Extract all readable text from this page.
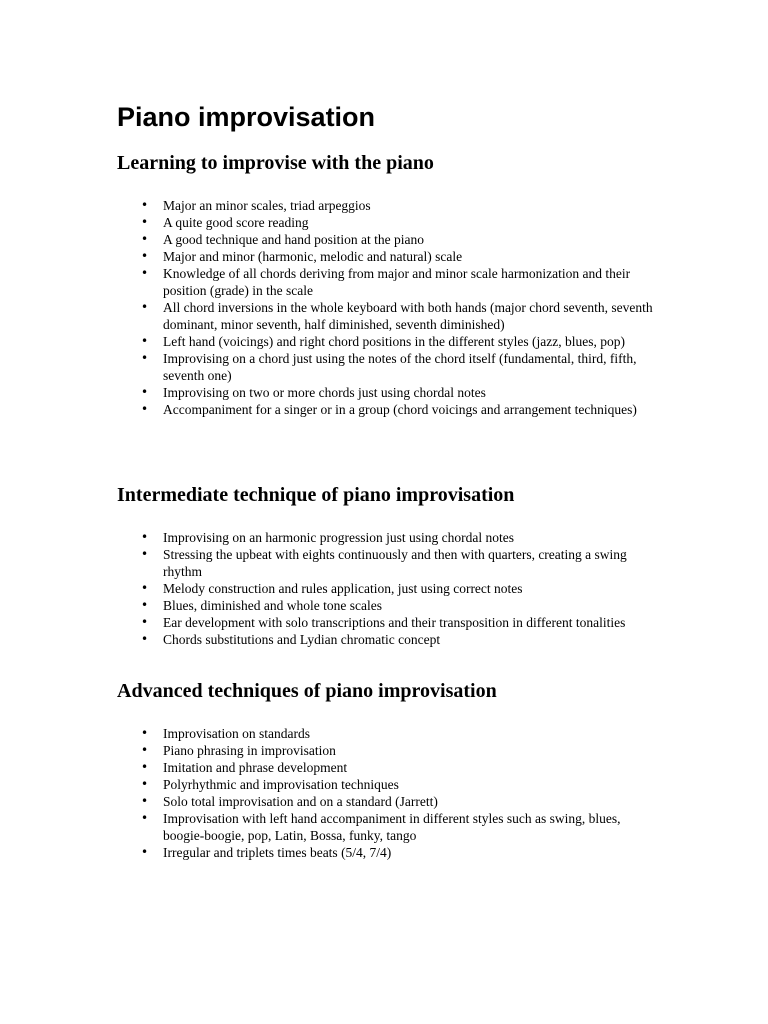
Piano improvisation
Learning to improvise with the piano
• Major an minor scales, triad arpeggios
• A quite good score reading
• A good technique and hand position at the piano
• Major and minor (harmonic, melodic and natural) scale
• Knowledge of all chords deriving from major and minor scale harmonization and their position (grade) in the scale
• All chord inversions in the whole keyboard with both hands (major chord seventh, seventh dominant, minor seventh, half diminished, seventh diminished)
• Left hand (voicings) and right chord positions in the different styles (jazz, blues, pop)
• Improvising on a chord just using the notes of the chord itself (fundamental, third, fifth, seventh one)
• Improvising on two or more chords just using chordal notes
• Accompaniment for a singer or in a group (chord voicings and arrangement techniques)
Intermediate technique of piano improvisation
• Improvising on an harmonic progression just using chordal notes
• Stressing the upbeat with eights continuously and then with quarters, creating a swing rhythm
• Melody construction and rules application, just using correct notes
• Blues, diminished and whole tone scales
• Ear development with solo transcriptions and their transposition in different tonalities
• Chords substitutions and Lydian chromatic concept
Advanced techniques of piano improvisation
• Improvisation on standards
• Piano phrasing in improvisation
• Imitation and phrase development
• Polyrhythmic and improvisation techniques
• Solo total improvisation and on a standard (Jarrett)
• Improvisation with left hand accompaniment in different styles such as swing, blues, boogie-boogie, pop, Latin, Bossa, funky, tango
• Irregular and triplets times beats (5/4, 7/4)
